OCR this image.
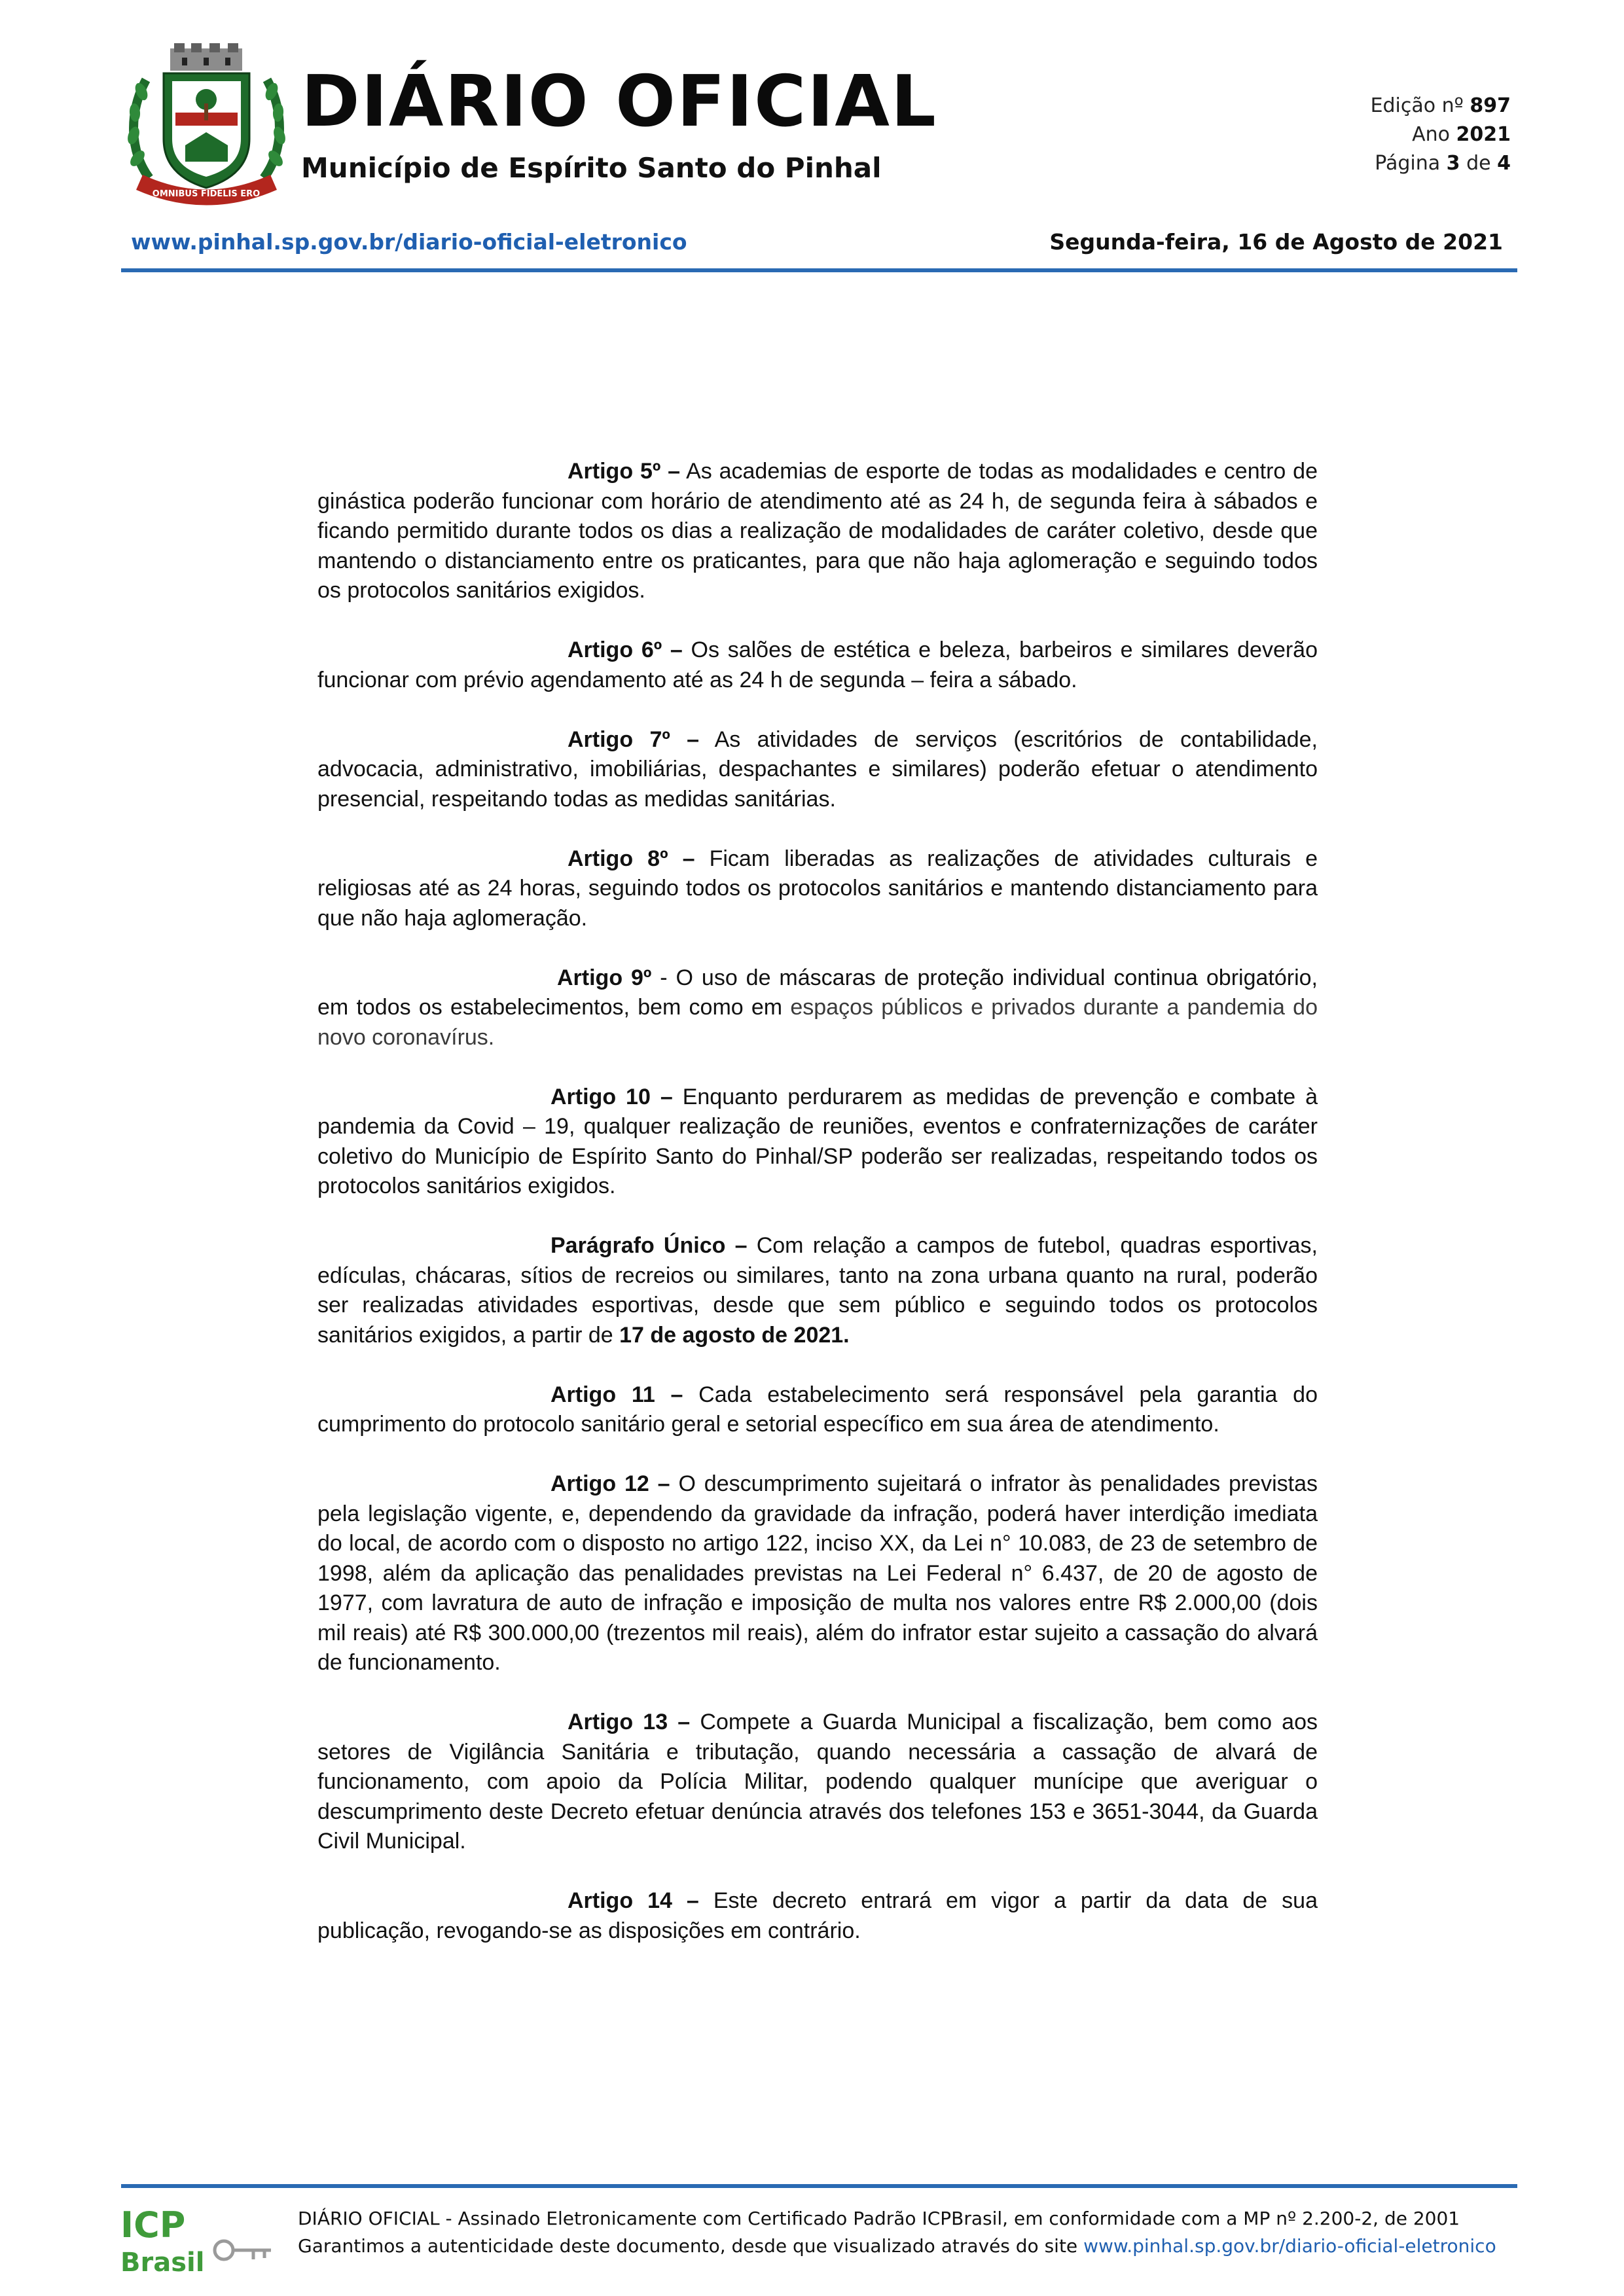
OMNIBUS FIDELIS ERO
DIÁRIO OFICIAL
Município de Espírito Santo do Pinhal
Edição nº 897
Ano 2021
Página 3 de 4
www.pinhal.sp.gov.br/diario-oficial-eletronico	Segunda-feira, 16 de Agosto de 2021

Artigo 5º – As academias de esporte de todas as modalidades e centro de ginástica poderão funcionar com horário de atendimento até as 24 h, de segunda feira à sábados e ficando permitido durante todos os dias a realização de modalidades de caráter coletivo, desde que mantendo o distanciamento entre os praticantes, para que não haja aglomeração e seguindo todos os protocolos sanitários exigidos.

Artigo 6º – Os salões de estética e beleza, barbeiros e similares deverão funcionar com prévio agendamento até as 24 h de segunda – feira a sábado.

Artigo 7º – As atividades de serviços (escritórios de contabilidade, advocacia, administrativo, imobiliárias, despachantes e similares) poderão efetuar o atendimento presencial, respeitando todas as medidas sanitárias.

Artigo 8º – Ficam liberadas as realizações de atividades culturais e religiosas até as 24 horas, seguindo todos os protocolos sanitários e mantendo distanciamento para que não haja aglomeração.

Artigo 9º - O uso de máscaras de proteção individual continua obrigatório, em todos os estabelecimentos, bem como em espaços públicos e privados durante a pandemia do novo coronavírus.

Artigo 10 – Enquanto perdurarem as medidas de prevenção e combate à pandemia da Covid – 19, qualquer realização de reuniões, eventos e confraternizações de caráter coletivo do Município de Espírito Santo do Pinhal/SP poderão ser realizadas, respeitando todos os protocolos sanitários exigidos.

Parágrafo Único – Com relação a campos de futebol, quadras esportivas, edículas, chácaras, sítios de recreios ou similares, tanto na zona urbana quanto na rural, poderão ser realizadas atividades esportivas, desde que sem público e seguindo todos os protocolos sanitários exigidos, a partir de 17 de agosto de 2021.

Artigo 11 – Cada estabelecimento será responsável pela garantia do cumprimento do protocolo sanitário geral e setorial específico em sua área de atendimento.

Artigo 12 – O descumprimento sujeitará o infrator às penalidades previstas pela legislação vigente, e, dependendo da gravidade da infração, poderá haver interdição imediata do local, de acordo com o disposto no artigo 122, inciso XX, da Lei n° 10.083, de 23 de setembro de 1998, além da aplicação das penalidades previstas na Lei Federal n° 6.437, de 20 de agosto de 1977, com lavratura de auto de infração e imposição de multa nos valores entre R$ 2.000,00 (dois mil reais) até R$ 300.000,00 (trezentos mil reais), além do infrator estar sujeito a cassação do alvará de funcionamento.

Artigo 13 – Compete a Guarda Municipal a fiscalização, bem como aos setores de Vigilância Sanitária e tributação, quando necessária a cassação de alvará de funcionamento, com apoio da Polícia Militar, podendo qualquer munícipe que averiguar o descumprimento deste Decreto efetuar denúncia através dos telefones 153 e 3651-3044, da Guarda Civil Municipal.

Artigo 14 – Este decreto entrará em vigor a partir da data de sua publicação, revogando-se as disposições em contrário.

ICP
Brasil
DIÁRIO OFICIAL - Assinado Eletronicamente com Certificado Padrão ICPBrasil, em conformidade com a MP nº 2.200-2, de 2001
Garantimos a autenticidade deste documento, desde que visualizado através do site www.pinhal.sp.gov.br/diario-oficial-eletronico
